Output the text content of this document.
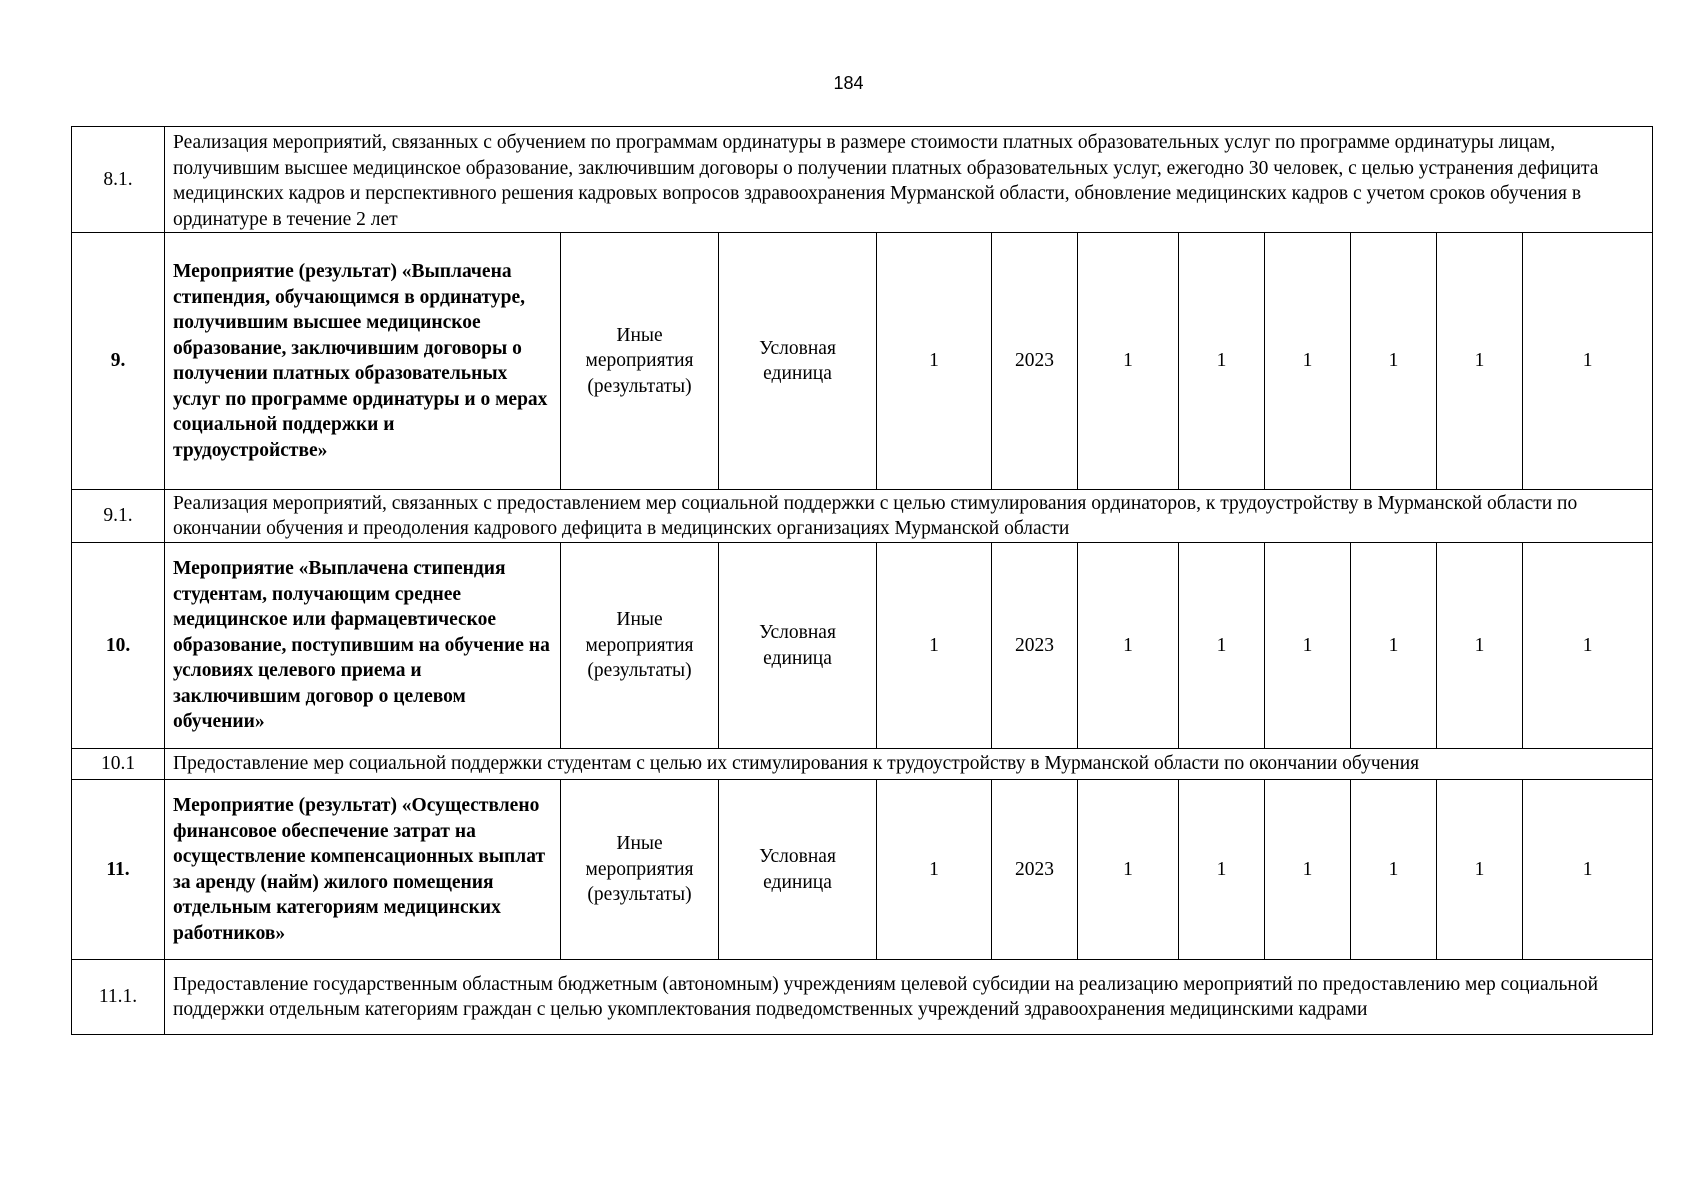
184
8.1.	Реализация мероприятий, связанных с обучением по программам ординатуры в размере стоимости платных образовательных услуг по программе ординатуры лицам, получившим высшее медицинское образование, заключившим договоры о получении платных образовательных услуг, ежегодно 30 человек, с целью устранения дефицита медицинских кадров и перспективного решения кадровых вопросов здравоохранения Мурманской области, обновление медицинских кадров с учетом сроков обучения в ординатуре в течение 2 лет										
9.	Мероприятие (результат) «Выплачена стипендия, обучающимся в ординатуре, получившим высшее медицинское образование, заключившим договоры о получении платных образовательных услуг по программе ординатуры и о мерах социальной поддержки и трудоустройстве»	Иные мероприятия (результаты)	Условная единица	1	2023	1	1	1	1	1	1
9.1.	Реализация мероприятий, связанных с предоставлением мер социальной поддержки с целью стимулирования ординаторов, к трудоустройству в Мурманской области по окончании обучения и преодоления кадрового дефицита в медицинских организациях Мурманской области										
10.	Мероприятие «Выплачена стипендия студентам, получающим среднее медицинское или фармацевтическое образование, поступившим на обучение на условиях целевого приема и заключившим договор о целевом обучении»	Иные мероприятия (результаты)	Условная единица	1	2023	1	1	1	1	1	1
10.1	Предоставление мер социальной поддержки студентам с целью их стимулирования к трудоустройству в Мурманской области по окончании обучения										
11.	Мероприятие (результат) «Осуществлено финансовое обеспечение затрат на осуществление компенсационных выплат за аренду (найм) жилого помещения отдельным категориям медицинских работников»	Иные мероприятия (результаты)	Условная единица	1	2023	1	1	1	1	1	1
11.1.	Предоставление государственным областным бюджетным (автономным) учреждениям целевой субсидии на реализацию мероприятий по предоставлению мер социальной поддержки отдельным категориям граждан с целью укомплектования подведомственных учреждений здравоохранения медицинскими кадрами										
